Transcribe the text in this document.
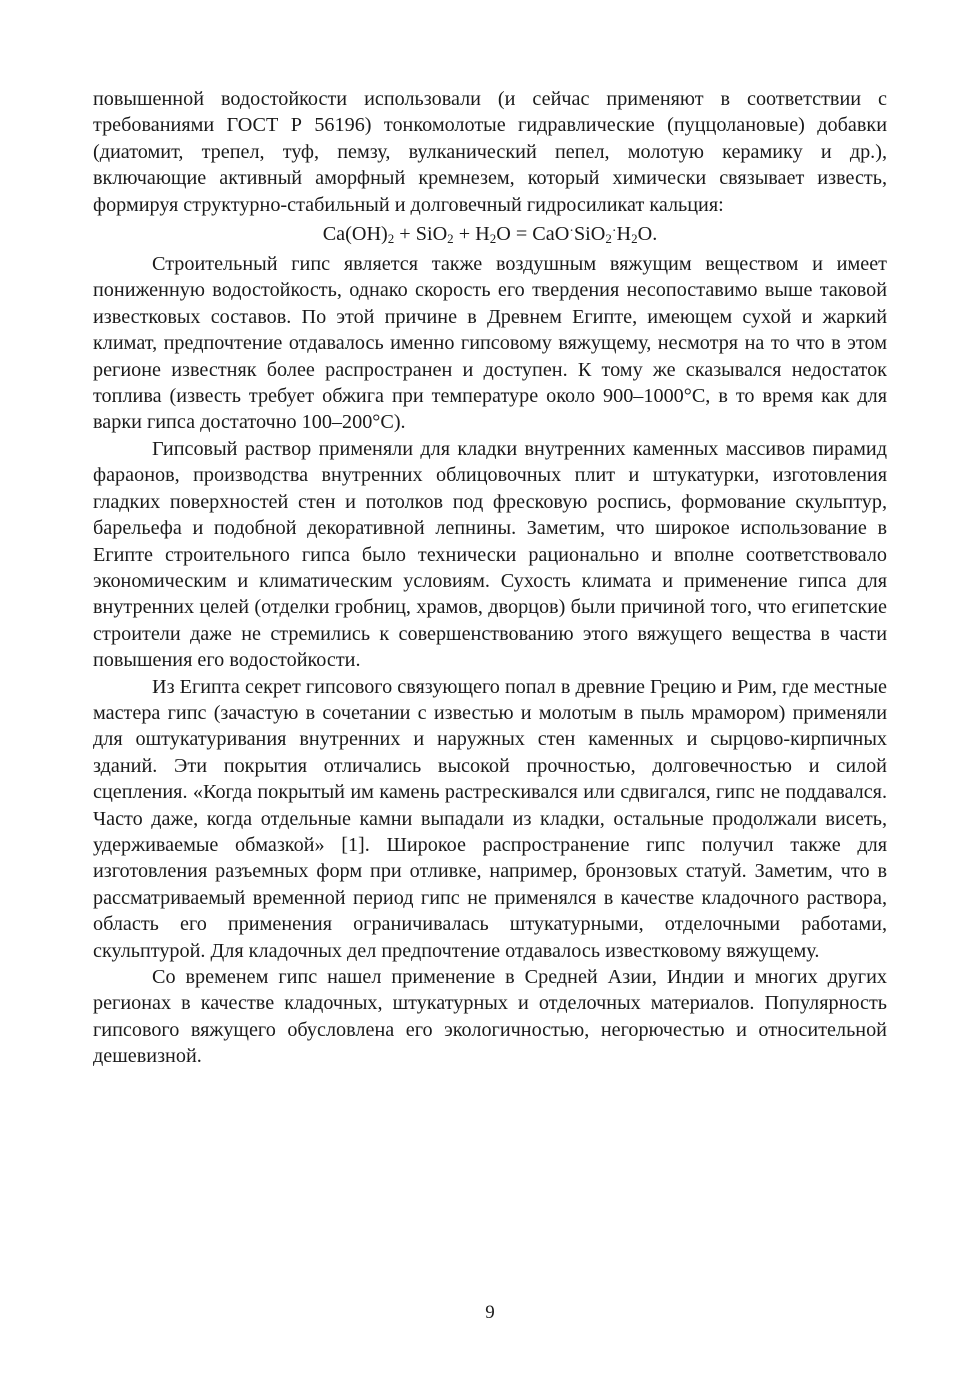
повышенной водостойкости использовали (и сейчас применяют в соответствии с требованиями ГОСТ Р 56196) тонкомолотые гидравлические (пуццолановые) добавки (диатомит, трепел, туф, пемзу, вулканический пепел, молотую керамику и др.), включающие активный аморфный кремнезем, который химически связывает известь, формируя структурно-стабильный и долговечный гидросиликат кальция:

$Ca(OH)_2 + SiO_2 + H_2O = CaO^\cdot SiO_2^\cdot H_2O$.

Строительный гипс является также воздушным вяжущим веществом и имеет пониженную водостойкость, однако скорость его твердения несопоставимо выше таковой известковых составов. По этой причине в Древнем Египте, имеющем сухой и жаркий климат, предпочтение отдавалось именно гипсовому вяжущему, несмотря на то что в этом регионе известняк более распространен и доступен. К тому же сказывался недостаток топлива (известь требует обжига при температуре около 900–1000°С, в то время как для варки гипса достаточно 100–200°С).

Гипсовый раствор применяли для кладки внутренних каменных массивов пирамид фараонов, производства внутренних облицовочных плит и штукатурки, изготовления гладких поверхностей стен и потолков под фресковую роспись, формование скульптур, барельефа и подобной декоративной лепнины. Заметим, что широкое использование в Египте строительного гипса было технически рационально и вполне соответствовало экономическим и климатическим условиям. Сухость климата и применение гипса для внутренних целей (отделки гробниц, храмов, дворцов) были причиной того, что египетские строители даже не стремились к совершенствованию этого вяжущего вещества в части повышения его водостойкости.

Из Египта секрет гипсового связующего попал в древние Грецию и Рим, где местные мастера гипс (зачастую в сочетании с известью и молотым в пыль мрамором) применяли для оштукатуривания внутренних и наружных стен каменных и сырцово-кирпичных зданий. Эти покрытия отличались высокой прочностью, долговечностью и силой сцепления. «Когда покрытый им камень растрескивался или сдвигался, гипс не поддавался. Часто даже, когда отдельные камни выпадали из кладки, остальные продолжали висеть, удерживаемые обмазкой» [1]. Широкое распространение гипс получил также для изготовления разъемных форм при отливке, например, бронзовых статуй. Заметим, что в рассматриваемый временной период гипс не применялся в качестве кладочного раствора, область его применения ограничивалась штукатурными, отделочными работами, скульптурой. Для кладочных дел предпочтение отдавалось известковому вяжущему.

Со временем гипс нашел применение в Средней Азии, Индии и многих других регионах в качестве кладочных, штукатурных и отделочных материалов. Популярность гипсового вяжущего обусловлена его экологичностью, негорючестью и относительной дешевизной.

9
